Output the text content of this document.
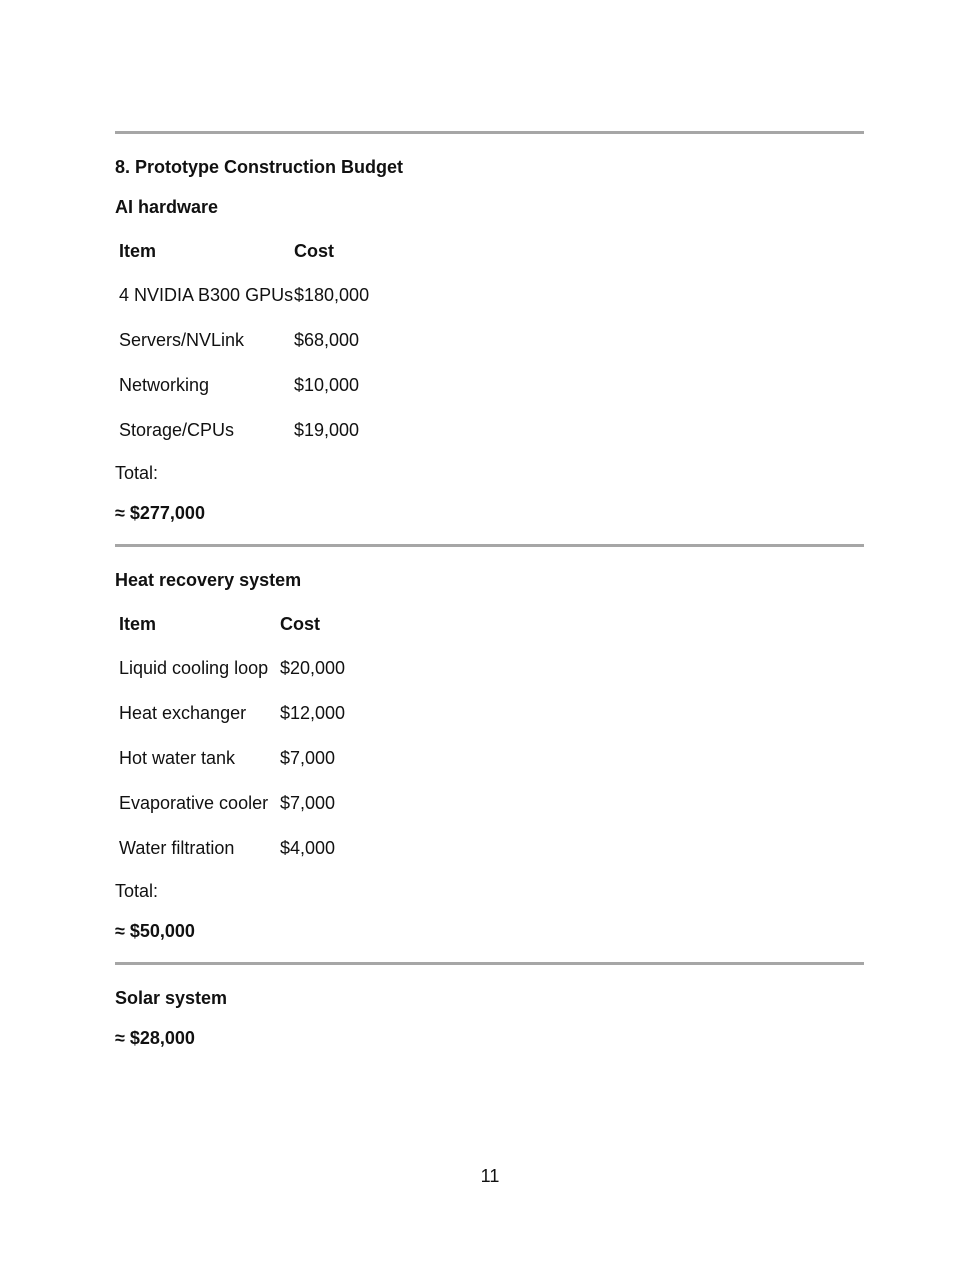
8. Prototype Construction Budget
AI hardware
Item	Cost
4 NVIDIA B300 GPUs $180,000
Servers/NVLink	$68,000
Networking	$10,000
Storage/CPUs	$19,000
Total:
≈ $277,000
Heat recovery system
Item	Cost
Liquid cooling loop $20,000
Heat exchanger $12,000
Hot water tank $7,000
Evaporative cooler $7,000
Water filtration	$4,000
Total:
≈ $50,000
Solar system
≈ $28,000
11
